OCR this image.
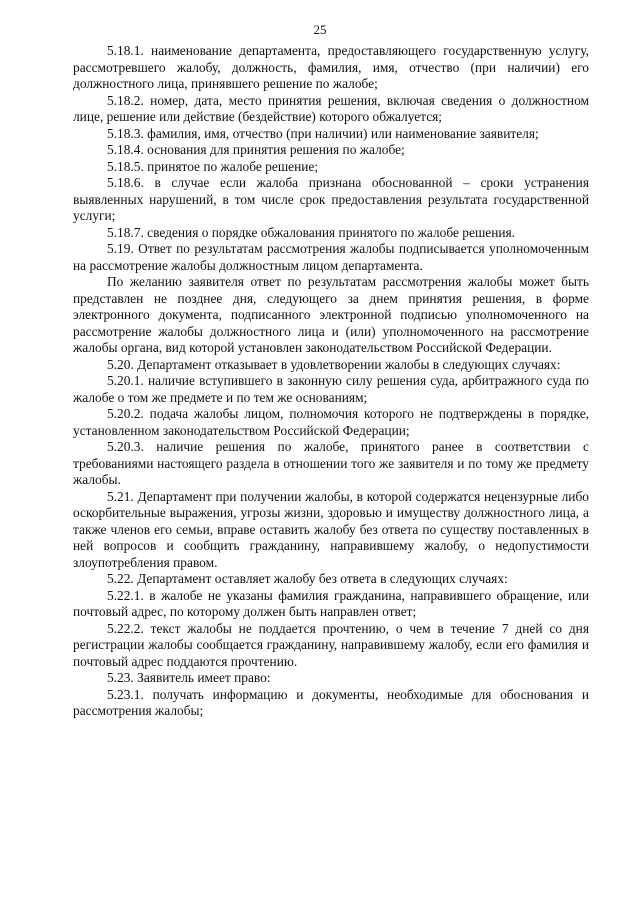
25

5.18.1. наименование департамента, предоставляющего государственную услугу, рассмотревшего жалобу, должность, фамилия, имя, отчество (при наличии) его должностного лица, принявшего решение по жалобе;

5.18.2. номер, дата, место принятия решения, включая сведения о должностном лице, решение или действие (бездействие) которого обжалуется;

5.18.3. фамилия, имя, отчество (при наличии) или наименование заявителя;

5.18.4. основания для принятия решения по жалобе;

5.18.5. принятое по жалобе решение;

5.18.6. в случае если жалоба признана обоснованной – сроки устранения выявленных нарушений, в том числе срок предоставления результата государственной услуги;

5.18.7. сведения о порядке обжалования принятого по жалобе решения.

5.19. Ответ по результатам рассмотрения жалобы подписывается уполномоченным на рассмотрение жалобы должностным лицом департамента.

По желанию заявителя ответ по результатам рассмотрения жалобы может быть представлен не позднее дня, следующего за днем принятия решения, в форме электронного документа, подписанного электронной подписью уполномоченного на рассмотрение жалобы должностного лица и (или) уполномоченного на рассмотрение жалобы органа, вид которой установлен законодательством Российской Федерации.

5.20. Департамент отказывает в удовлетворении жалобы в следующих случаях:

5.20.1. наличие вступившего в законную силу решения суда, арбитражного суда по жалобе о том же предмете и по тем же основаниям;

5.20.2. подача жалобы лицом, полномочия которого не подтверждены в порядке, установленном законодательством Российской Федерации;

5.20.3. наличие решения по жалобе, принятого ранее в соответствии с требованиями настоящего раздела в отношении того же заявителя и по тому же предмету жалобы.

5.21. Департамент при получении жалобы, в которой содержатся нецензурные либо оскорбительные выражения, угрозы жизни, здоровью и имуществу должностного лица, а также членов его семьи, вправе оставить жалобу без ответа по существу поставленных в ней вопросов и сообщить гражданину, направившему жалобу, о недопустимости злоупотребления правом.

5.22. Департамент оставляет жалобу без ответа в следующих случаях:

5.22.1. в жалобе не указаны фамилия гражданина, направившего обращение, или почтовый адрес, по которому должен быть направлен ответ;

5.22.2. текст жалобы не поддается прочтению, о чем в течение 7 дней со дня регистрации жалобы сообщается гражданину, направившему жалобу, если его фамилия и почтовый адрес поддаются прочтению.

5.23. Заявитель имеет право:

5.23.1. получать информацию и документы, необходимые для обоснования и рассмотрения жалобы;
